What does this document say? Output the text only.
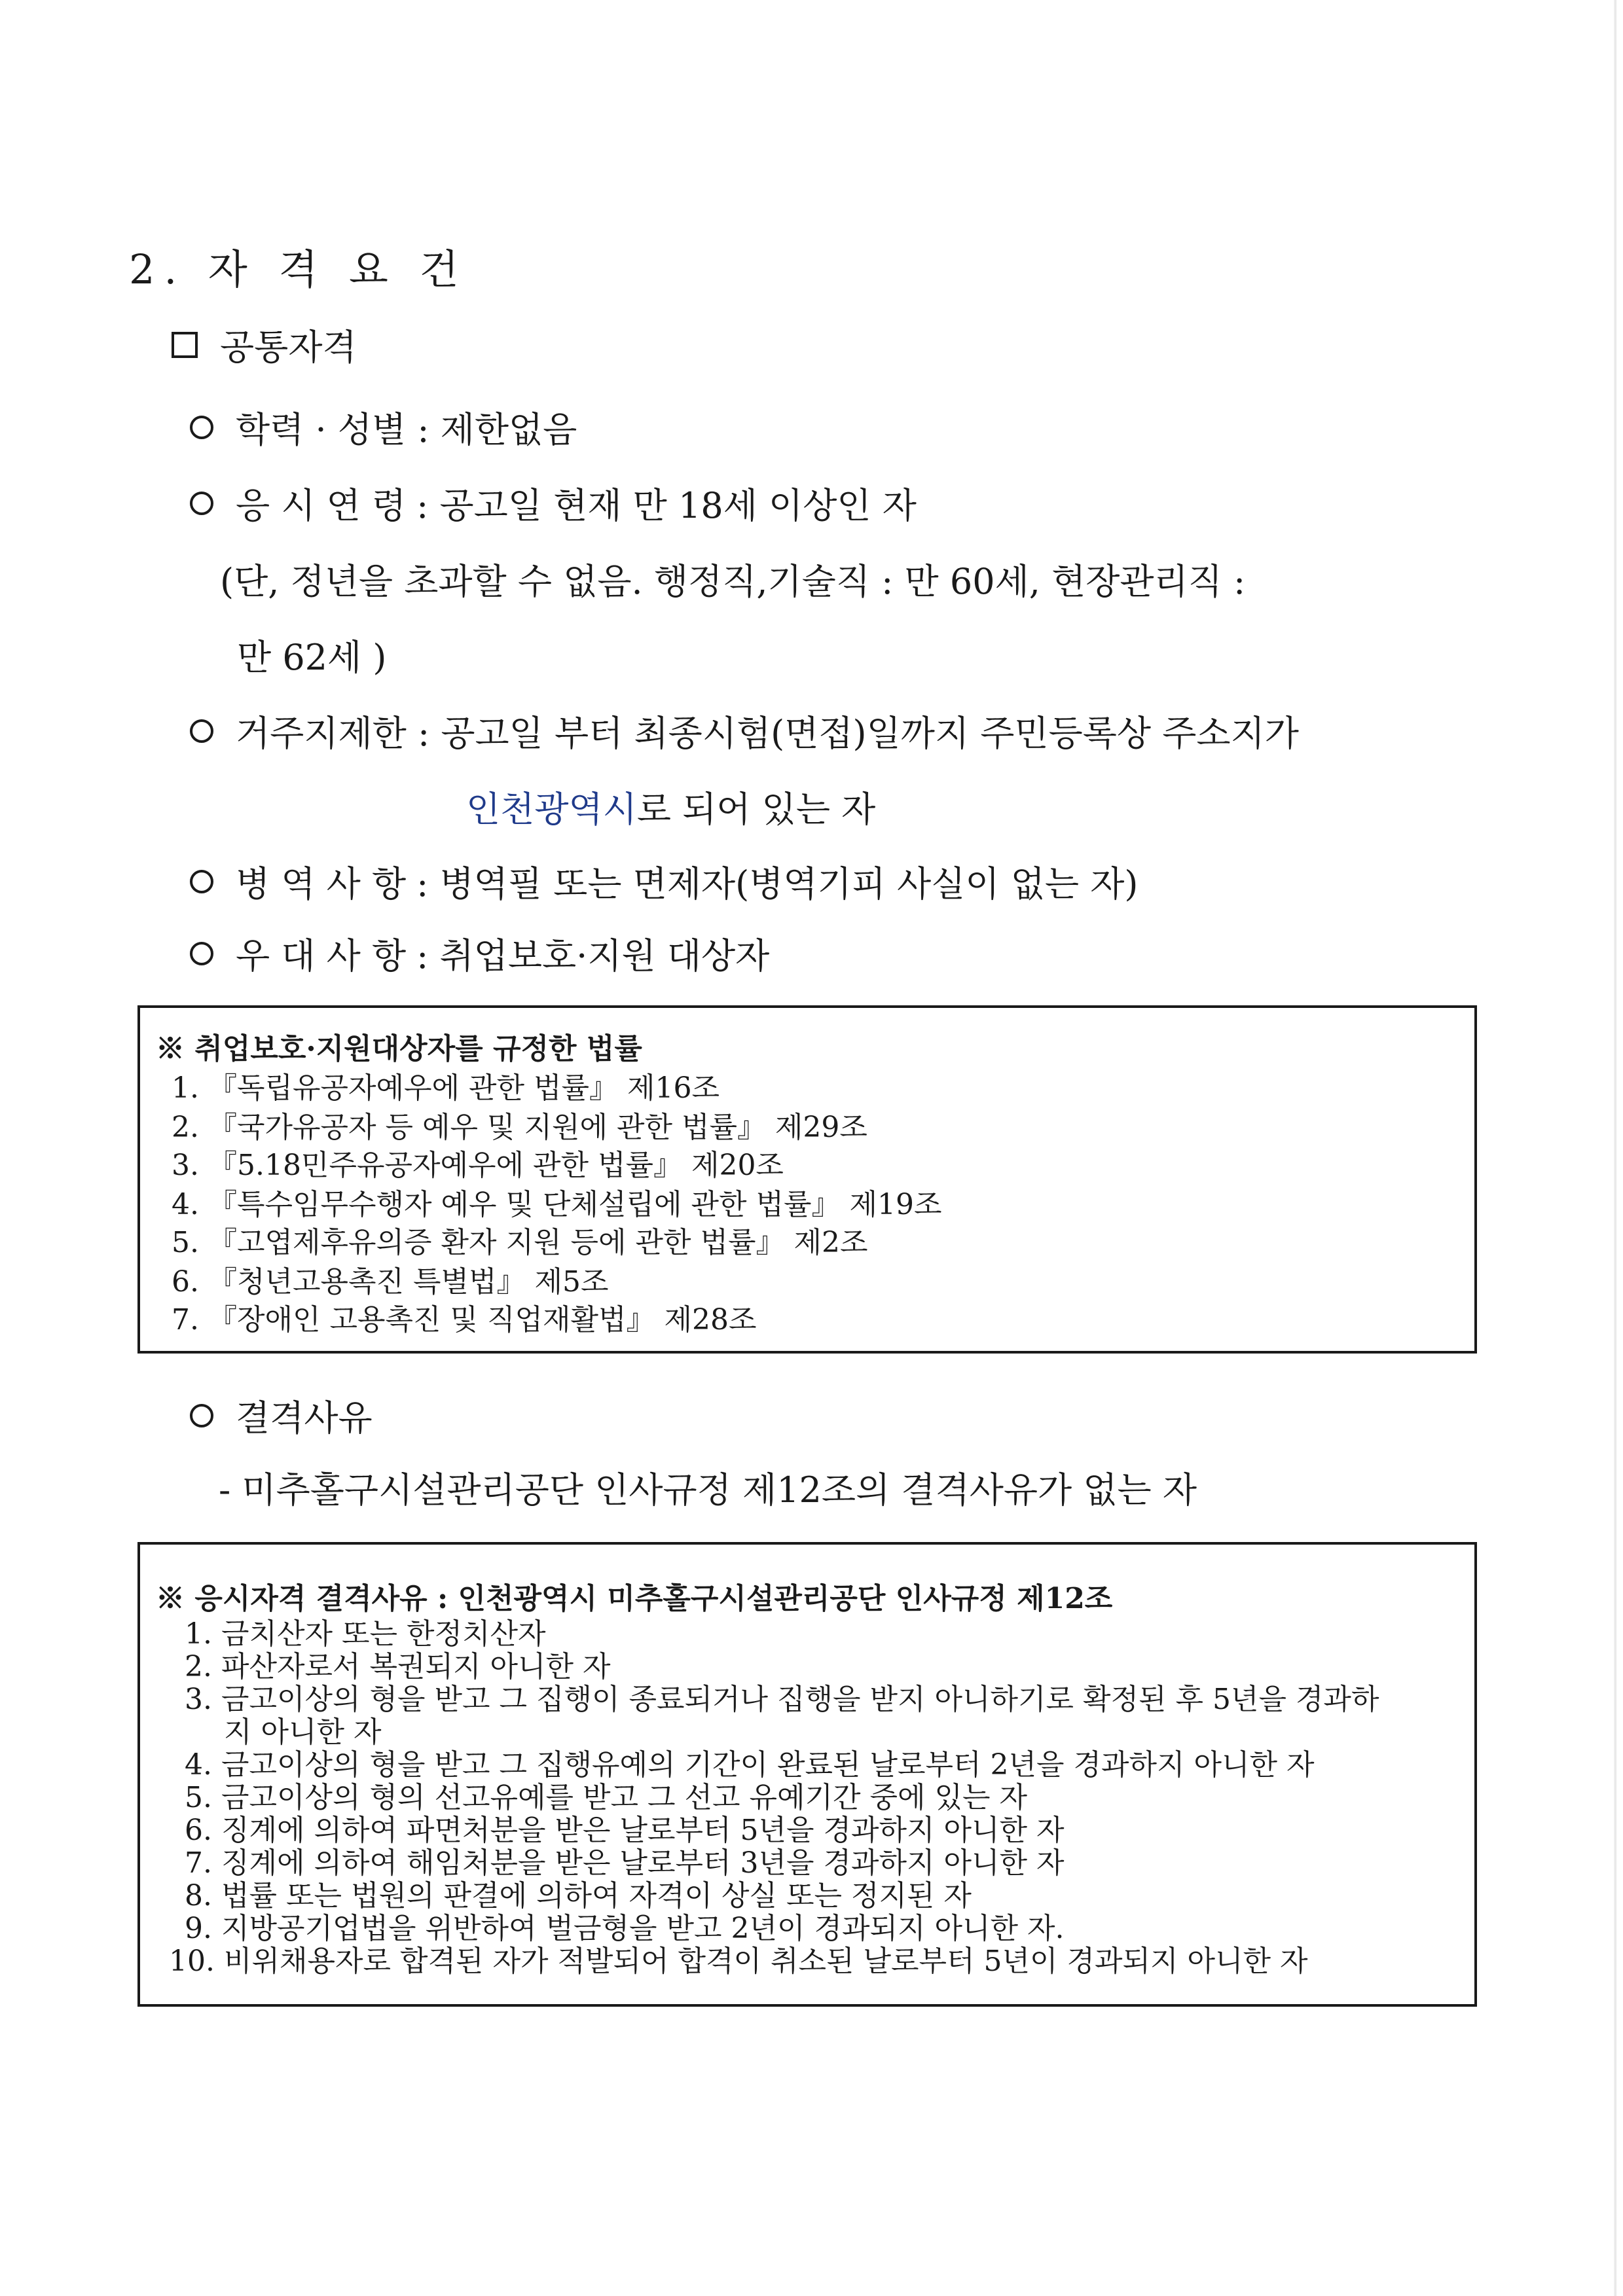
2. 자 격 요 건
공통자격
학력 · 성별 : 제한없음
응 시 연 령 : 공고일 현재 만 18세 이상인 자
(단, 정년을 초과할 수 없음. 행정직,기술직 : 만 60세, 현장관리직 :
만 62세 )
거주지제한 : 공고일 부터 최종시험(면접)일까지 주민등록상 주소지가
인천광역시 로 되어 있는 자
병 역 사 항 : 병역필 또는 면제자(병역기피 사실이 없는 자)
우 대 사 항 : 취업보호·지원 대상자
※ 취업보호·지원대상자를 규정한 법률
1. 『독립유공자예우에 관한 법률』 제16조
2. 『국가유공자 등 예우 및 지원에 관한 법률』 제29조
3. 『5.18민주유공자예우에 관한 법률』 제20조
4. 『특수임무수행자 예우 및 단체설립에 관한 법률』 제19조
5. 『고엽제후유의증 환자 지원 등에 관한 법률』 제2조
6. 『청년고용촉진 특별법』 제5조
7. 『장애인 고용촉진 및 직업재활법』 제28조
결격사유
- 미추홀구시설관리공단 인사규정 제12조의 결격사유가 없는 자
※ 응시자격 결격사유 : 인천광역시 미추홀구시설관리공단 인사규정 제12조
1. 금치산자 또는 한정치산자
2. 파산자로서 복권되지 아니한 자
3. 금고이상의 형을 받고 그 집행이 종료되거나 집행을 받지 아니하기로 확정된 후 5년을 경과하
지 아니한 자
4. 금고이상의 형을 받고 그 집행유예의 기간이 완료된 날로부터 2년을 경과하지 아니한 자
5. 금고이상의 형의 선고유예를 받고 그 선고 유예기간 중에 있는 자
6. 징계에 의하여 파면처분을 받은 날로부터 5년을 경과하지 아니한 자
7. 징계에 의하여 해임처분을 받은 날로부터 3년을 경과하지 아니한 자
8. 법률 또는 법원의 판결에 의하여 자격이 상실 또는 정지된 자
9. 지방공기업법을 위반하여 벌금형을 받고 2년이 경과되지 아니한 자.
10. 비위채용자로 합격된 자가 적발되어 합격이 취소된 날로부터 5년이 경과되지 아니한 자
